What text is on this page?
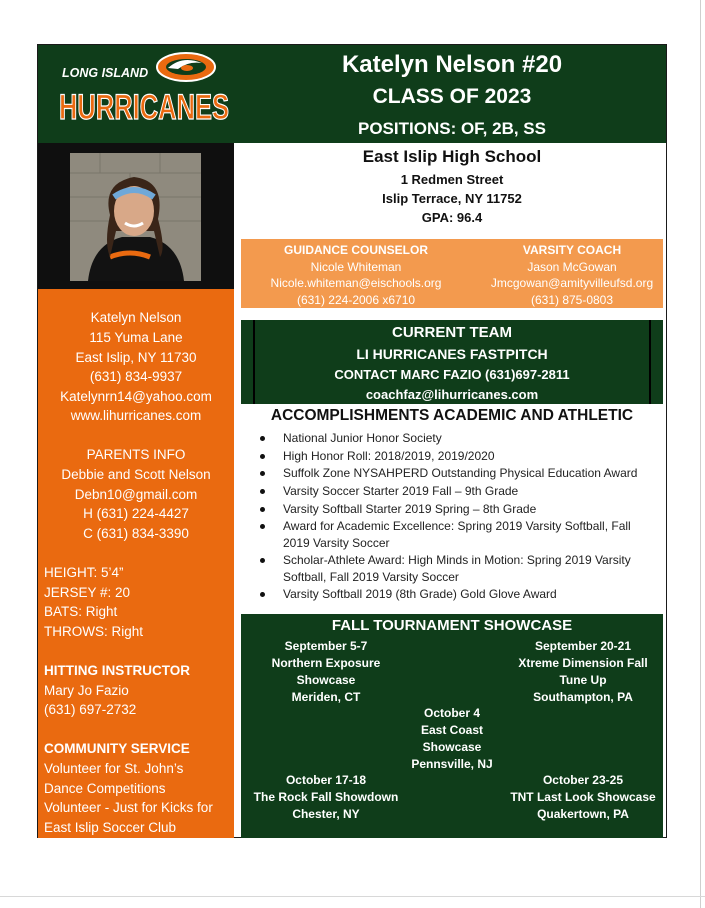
LONG ISLAND
HURRICANES
Katelyn Nelson #20
CLASS OF 2023
POSITIONS: OF, 2B, SS
Katelyn Nelson
115 Yuma Lane
East Islip, NY 11730
(631) 834-9937
Katelynrn14@yahoo.com
www.lihurricanes.com
PARENTS INFO
Debbie and Scott Nelson
Debn10@gmail.com
H (631) 224-4427
C (631) 834-3390
HEIGHT: 5’4”
JERSEY #: 20
BATS: Right
THROWS: Right
HITTING INSTRUCTOR
Mary Jo Fazio
(631) 697-2732
COMMUNITY SERVICE
Volunteer for St. John’s
Dance Competitions
Volunteer - Just for Kicks for
East Islip Soccer Club
East Islip High School
1 Redmen Street
Islip Terrace, NY 11752
GPA: 96.4
GUIDANCE COUNSELOR
Nicole Whiteman
Nicole.whiteman@eischools.org
(631) 224-2006 x6710
VARSITY COACH
Jason McGowan
Jmcgowan@amityvilleufsd.org
(631) 875-0803
CURRENT TEAM
LI HURRICANES FASTPITCH
CONTACT MARC FAZIO (631)697-2811
coachfaz@lihurricanes.com
ACCOMPLISHMENTS ACADEMIC AND ATHLETIC
National Junior Honor Society
High Honor Roll: 2018/2019, 2019/2020
Suffolk Zone NYSAHPERD Outstanding Physical Education Award
Varsity Soccer Starter 2019 Fall – 9th Grade
Varsity Softball Starter 2019 Spring – 8th Grade
Award for Academic Excellence: Spring 2019 Varsity Softball, Fall 2019 Varsity Soccer
Scholar-Athlete Award: High Minds in Motion: Spring 2019 Varsity Softball, Fall 2019 Varsity Soccer
Varsity Softball 2019 (8th Grade) Gold Glove Award
FALL TOURNAMENT SHOWCASE
September 5-7
Northern Exposure
Showcase
Meriden, CT
September 20-21
Xtreme Dimension Fall
Tune Up
Southampton, PA
October 4
East Coast
Showcase
Pennsville, NJ
October 17-18
The Rock Fall Showdown
Chester, NY
October 23-25
TNT Last Look Showcase
Quakertown, PA
